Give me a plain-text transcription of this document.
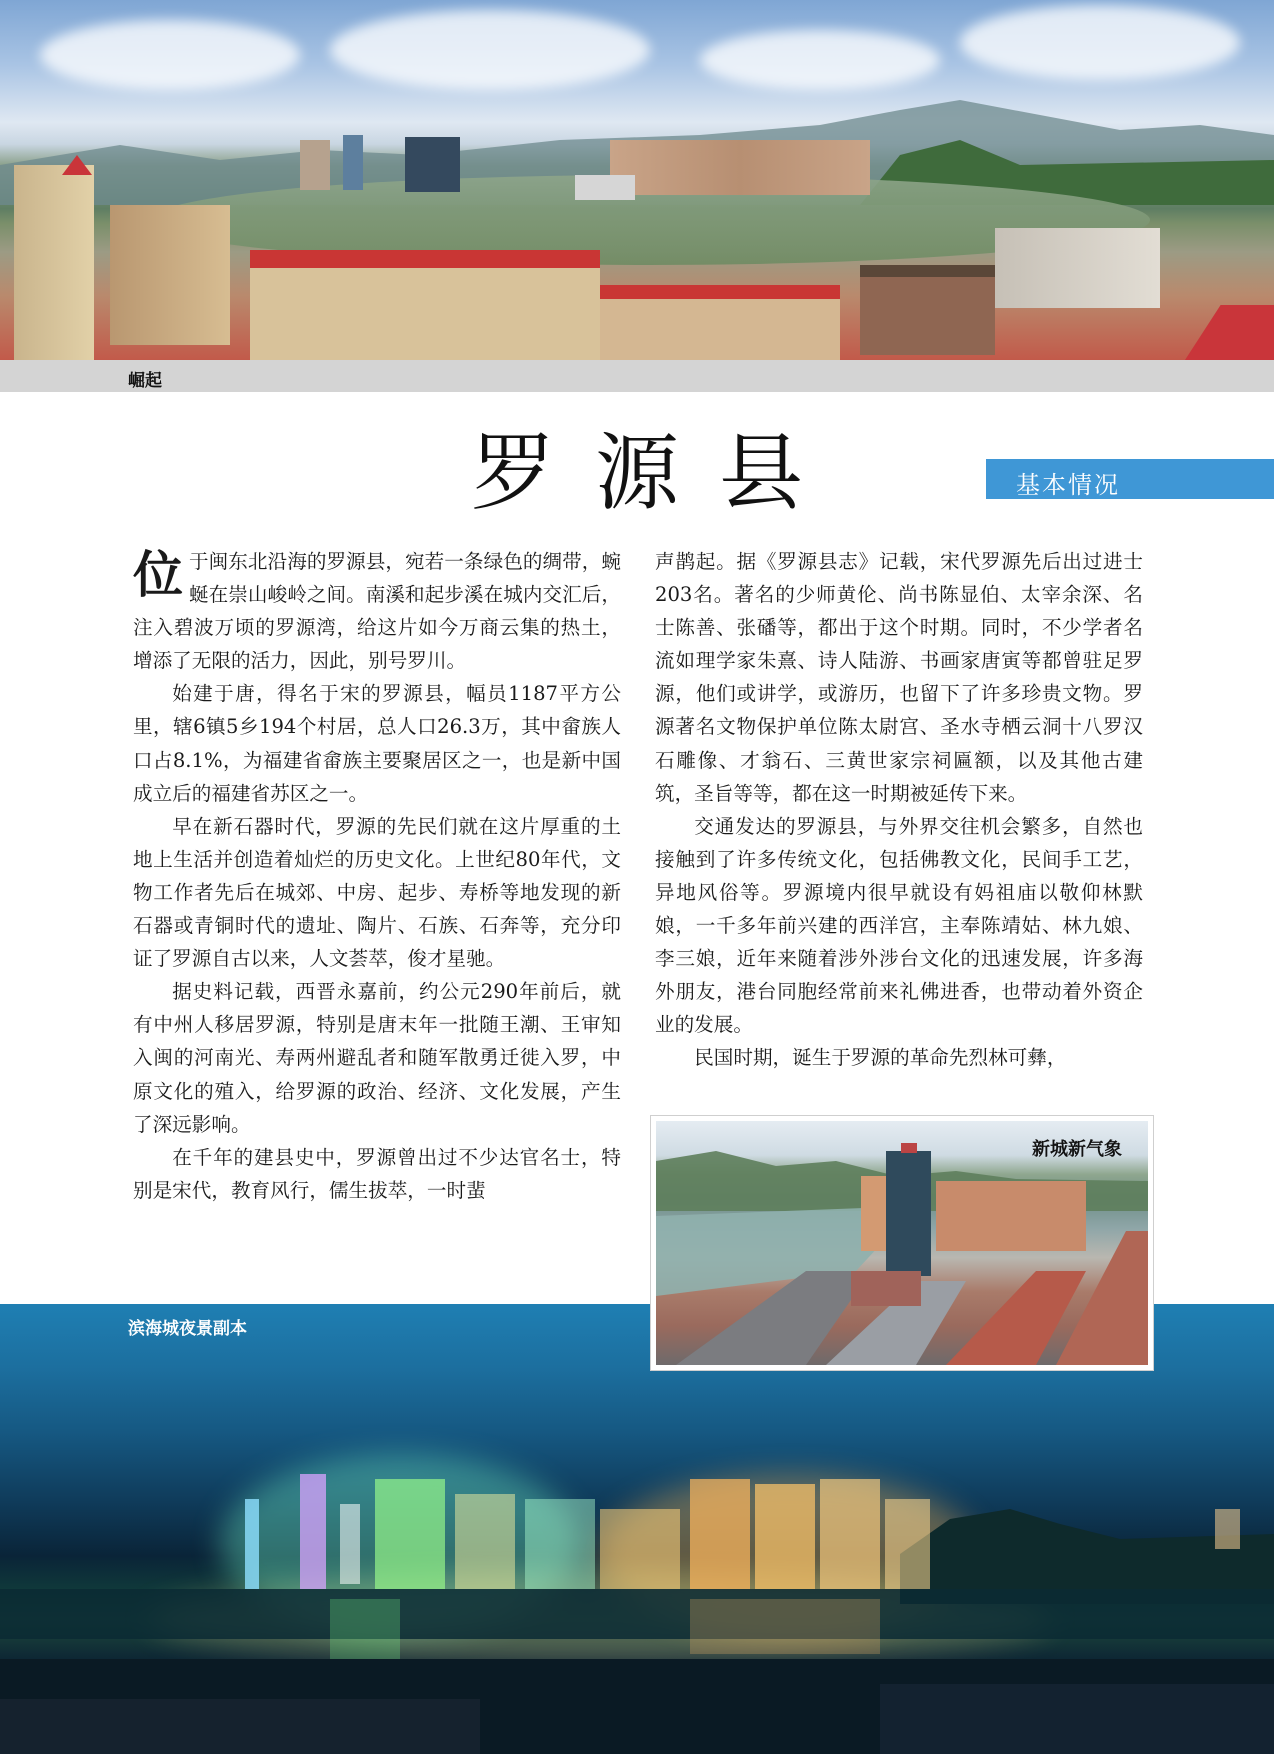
崛起
罗源县	基本情况

位于闽东北沿海的罗源县，宛若一条绿色的绸带，蜿蜒在崇山峻岭之间。南溪和起步溪在城内交汇后，注入碧波万顷的罗源湾，给这片如今万商云集的热土，增添了无限的活力，因此，别号罗川。

始建于唐，得名于宋的罗源县，幅员1187平方公里，辖6镇5乡194个村居，总人口26.3万，其中畲族人口占8.1%，为福建省畲族主要聚居区之一，也是新中国成立后的福建省苏区之一。

早在新石器时代，罗源的先民们就在这片厚重的土地上生活并创造着灿烂的历史文化。上世纪80年代，文物工作者先后在城郊、中房、起步、寿桥等地发现的新石器或青铜时代的遗址、陶片、石族、石奔等，充分印证了罗源自古以来，人文荟萃，俊才星驰。

据史料记载，西晋永嘉前，约公元290年前后，就有中州人移居罗源，特别是唐末年一批随王潮、王审知入闽的河南光、寿两州避乱者和随军散勇迁徙入罗，中原文化的殖入，给罗源的政治、经济、文化发展，产生了深远影响。

在千年的建县史中，罗源曾出过不少达官名士，特别是宋代，教育风行，儒生拔萃，一时蜚

声鹊起。据《罗源县志》记载，宋代罗源先后出过进士203名。著名的少师黄伦、尚书陈显伯、太宰余深、名士陈善、张磻等，都出于这个时期。同时，不少学者名流如理学家朱熹、诗人陆游、书画家唐寅等都曾驻足罗源，他们或讲学，或游历，也留下了许多珍贵文物。罗源著名文物保护单位陈太尉宫、圣水寺栖云洞十八罗汉石雕像、才翁石、三黄世家宗祠匾额，以及其他古建筑，圣旨等等，都在这一时期被延传下来。

交通发达的罗源县，与外界交往机会繁多，自然也接触到了许多传统文化，包括佛教文化，民间手工艺，异地风俗等。罗源境内很早就设有妈祖庙以敬仰林默娘，一千多年前兴建的西洋宫，主奉陈靖姑、林九娘、李三娘，近年来随着涉外涉台文化的迅速发展，许多海外朋友，港台同胞经常前来礼佛进香，也带动着外资企业的发展。

民国时期，诞生于罗源的革命先烈林可彝，

滨海城夜景副本
新城新气象
